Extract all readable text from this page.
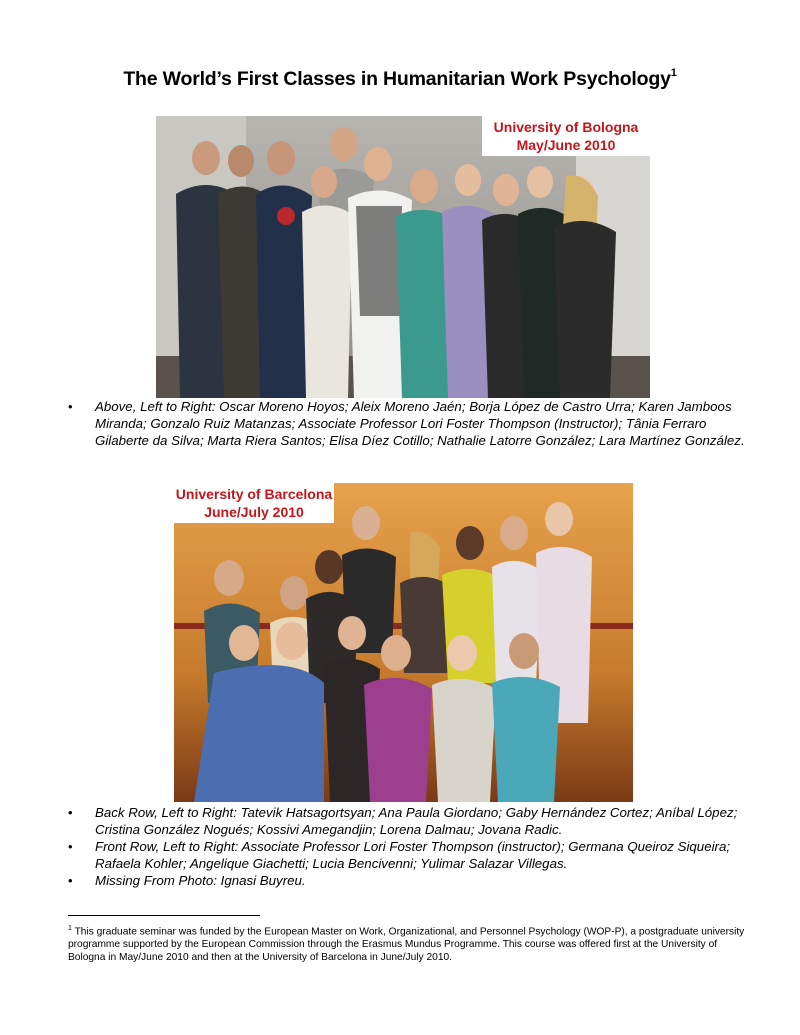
The World’s First Classes in Humanitarian Work Psychology$^1$
University of Bologna
May/June 2010
• Above, Left to Right: Oscar Moreno Hoyos; Aleix Moreno Jaén; Borja López de Castro Urra; Karen Jamboos Miranda; Gonzalo Ruiz Matanzas; Associate Professor Lori Foster Thompson (Instructor); Tânia Ferraro Gilaberte da Silva; Marta Riera Santos; Elisa Díez Cotillo; Nathalie Latorre González; Lara Martínez González.
University of Barcelona
June/July 2010
• Back Row, Left to Right: Tatevik Hatsagortsyan; Ana Paula Giordano; Gaby Hernández Cortez; Aníbal López; Cristina González Nogués; Kossivi Amegandjin; Lorena Dalmau; Jovana Radic.
• Front Row, Left to Right: Associate Professor Lori Foster Thompson (instructor); Germana Queiroz Siqueira; Rafaela Kohler; Angelique Giachetti; Lucia Bencivenni; Yulimar Salazar Villegas.
• Missing From Photo: Ignasi Buyreu.
$^1$ This graduate seminar was funded by the European Master on Work, Organizational, and Personnel Psychology (WOP-P), a postgraduate university programme supported by the European Commission through the Erasmus Mundus Programme. This course was offered first at the University of Bologna in May/June 2010 and then at the University of Barcelona in June/July 2010.
